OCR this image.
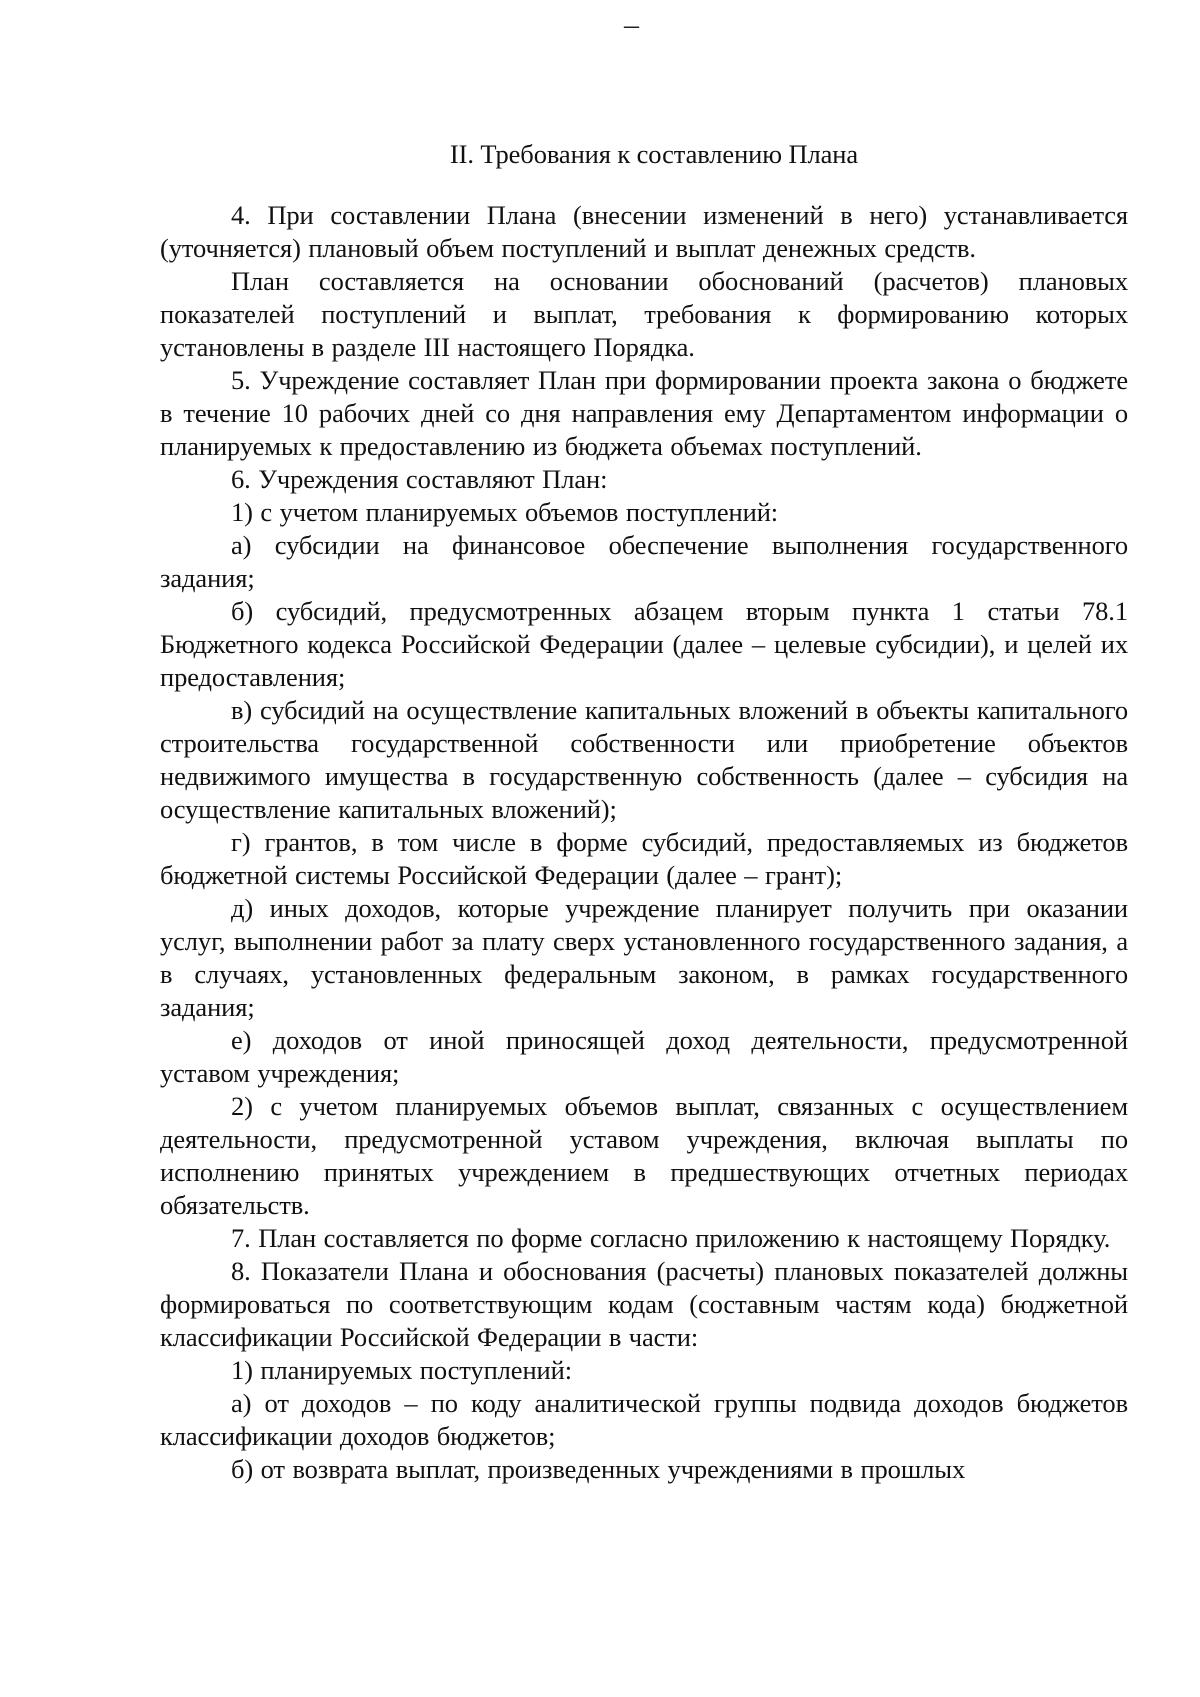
–
II. Требования к составлению Плана

4. При составлении Плана (внесении изменений в него) устанавливается (уточняется) плановый объем поступлений и выплат денежных средств.

План составляется на основании обоснований (расчетов) плановых показателей поступлений и выплат, требования к формированию которых установлены в разделе III настоящего Порядка.

5. Учреждение составляет План при формировании проекта закона о бюджете в течение 10 рабочих дней со дня направления ему Департаментом информации о планируемых к предоставлению из бюджета объемах поступлений.

6. Учреждения составляют План:

1) с учетом планируемых объемов поступлений:

а) субсидии на финансовое обеспечение выполнения государственного задания;

б) субсидий, предусмотренных абзацем вторым пункта 1 статьи 78.1 Бюджетного кодекса Российской Федерации (далее – целевые субсидии), и целей их предоставления;

в) субсидий на осуществление капитальных вложений в объекты капитального строительства государственной собственности или приобретение объектов недвижимого имущества в государственную собственность (далее – субсидия на осуществление капитальных вложений);

г) грантов, в том числе в форме субсидий, предоставляемых из бюджетов бюджетной системы Российской Федерации (далее – грант);

д) иных доходов, которые учреждение планирует получить при оказании услуг, выполнении работ за плату сверх установленного государственного задания, а в случаях, установленных федеральным законом, в рамках государственного задания;

е) доходов от иной приносящей доход деятельности, предусмотренной уставом учреждения;

2) с учетом планируемых объемов выплат, связанных с осуществлением деятельности, предусмотренной уставом учреждения, включая выплаты по исполнению принятых учреждением в предшествующих отчетных периодах обязательств.

7. План составляется по форме согласно приложению к настоящему Порядку.

8. Показатели Плана и обоснования (расчеты) плановых показателей должны формироваться по соответствующим кодам (составным частям кода) бюджетной классификации Российской Федерации в части:

1) планируемых поступлений:

а) от доходов – по коду аналитической группы подвида доходов бюджетов классификации доходов бюджетов;

б) от возврата выплат, произведенных учреждениями в прошлых
